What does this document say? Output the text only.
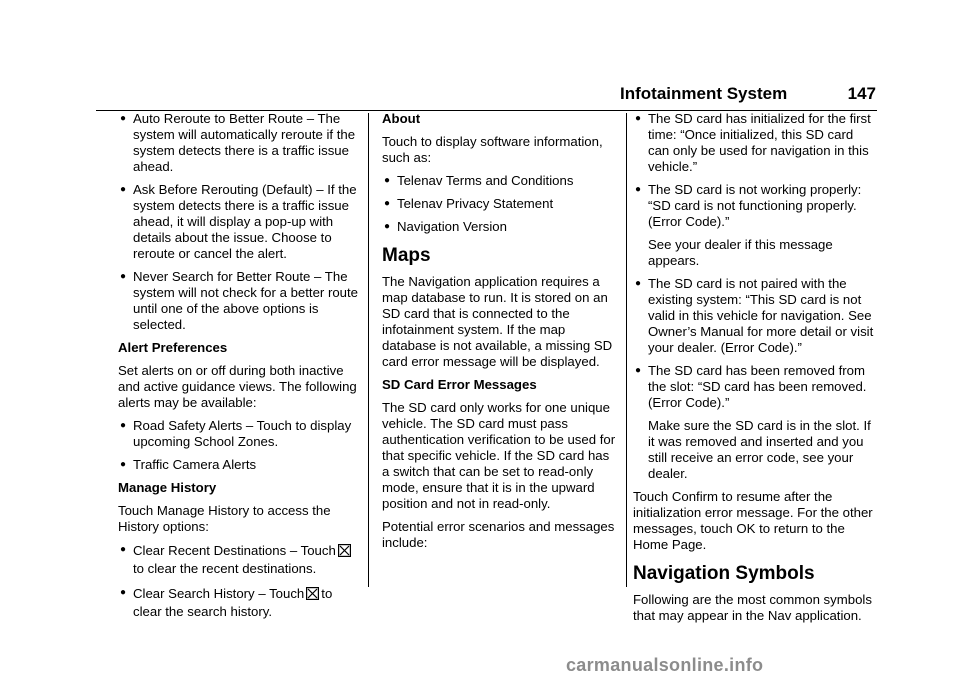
Infotainment System	147
● Auto Reroute to Better Route – The system will automatically reroute if the system detects there is a traffic issue ahead.
● Ask Before Rerouting (Default) – If the system detects there is a traffic issue ahead, it will display a pop-up with details about the issue. Choose to reroute or cancel the alert.
● Never Search for Better Route – The system will not check for a better route until one of the above options is selected.

Alert Preferences

Set alerts on or off during both inactive and active guidance views. The following alerts may be available:

● Road Safety Alerts – Touch to display upcoming School Zones.
● Traffic Camera Alerts

Manage History

Touch Manage History to access the History options:

● Clear Recent Destinations – Touchto clear the recent destinations.
● Clear Search History – Touch to clear the search history.

About

Touch to display software information, such as:

● Telenav Terms and Conditions
● Telenav Privacy Statement
● Navigation Version
Maps

The Navigation application requires a map database to run. It is stored on an SD card that is connected to the infotainment system. If the map database is not available, a missing SD card error message will be displayed.

SD Card Error Messages

The SD card only works for one unique vehicle. The SD card must pass authentication verification to be used for that specific vehicle. If the SD card has a switch that can be set to read-only mode, ensure that it is in the upward position and not in read-only.

Potential error scenarios and messages include:

● The SD card has initialized for the first time: “Once initialized, this SD card can only be used for navigation in this vehicle.”
● The SD card is not working properly: “SD card is not functioning properly. (Error Code).”

See your dealer if this message appears.

● The SD card is not paired with the existing system: “This SD card is not valid in this vehicle for navigation. See Owner’s Manual for more detail or visit your dealer. (Error Code).”
● The SD card has been removed from the slot: “SD card has been removed. (Error Code).”

Make sure the SD card is in the slot. If it was removed and inserted and you still receive an error code, see your dealer.

Touch Confirm to resume after the initialization error message. For the other messages, touch OK to return to the Home Page.

Navigation Symbols

Following are the most common symbols that may appear in the Nav application.

carmanualsonline.info
